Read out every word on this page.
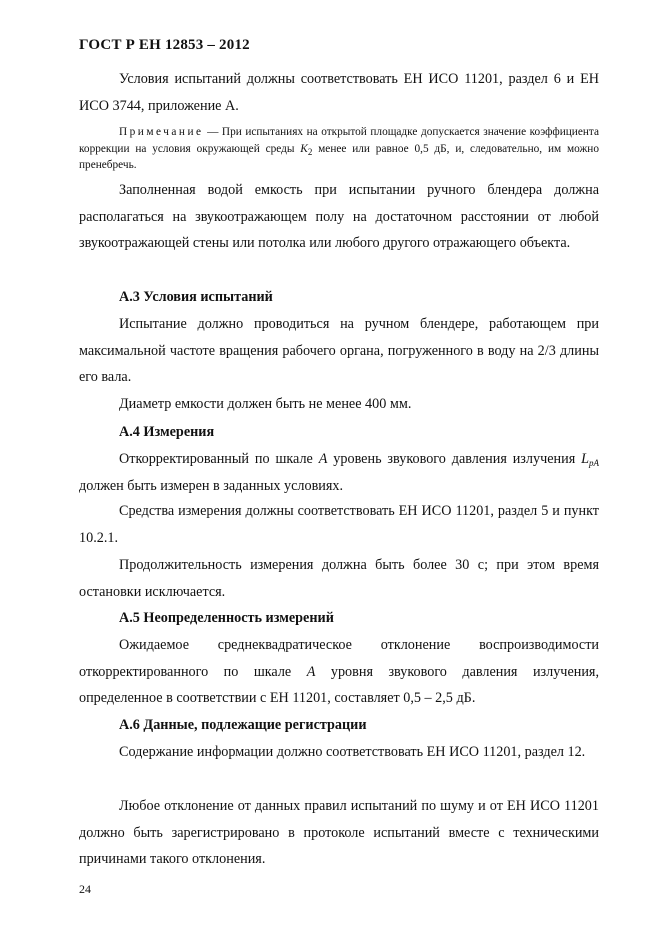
ГОСТ Р ЕН 12853 – 2012

Условия испытаний должны соответствовать ЕН ИСО 11201, раздел 6 и ЕН ИСО 3744, приложение А.

Примечание — При испытаниях на открытой площадке допускается значение коэффициента коррекции на условия окружающей среды $K_2$ менее или равное 0,5 дБ, и, следовательно, им можно пренебречь.

Заполненная водой емкость при испытании ручного блендера должна располагаться на звукоотражающем полу на достаточном расстоянии от любой звукоотражающей стены или потолка или любого другого отражающего объекта.

А.3 Условия испытаний

Испытание должно проводиться на ручном блендере, работающем при максимальной частоте вращения рабочего органа, погруженного в воду на 2/3 длины его вала.

Диаметр емкости должен быть не менее 400 мм.

А.4 Измерения

Откорректированный по шкале A уровень звукового давления излучения $L_{pA}$ должен быть измерен в заданных условиях.

Средства измерения должны соответствовать ЕН ИСО 11201, раздел 5 и пункт 10.2.1.

Продолжительность измерения должна быть более 30 с; при этом время остановки исключается.

А.5 Неопределенность измерений

Ожидаемое среднеквадратическое отклонение воспроизводимости откорректированного по шкале A уровня звукового давления излучения, определенное в соответствии с ЕН 11201, составляет 0,5 – 2,5 дБ.

А.6 Данные, подлежащие регистрации

Содержание информации должно соответствовать ЕН ИСО 11201, раздел 12.

Любое отклонение от данных правил испытаний по шуму и от ЕН ИСО 11201 должно быть зарегистрировано в протоколе испытаний вместе с техническими причинами такого отклонения.

24
